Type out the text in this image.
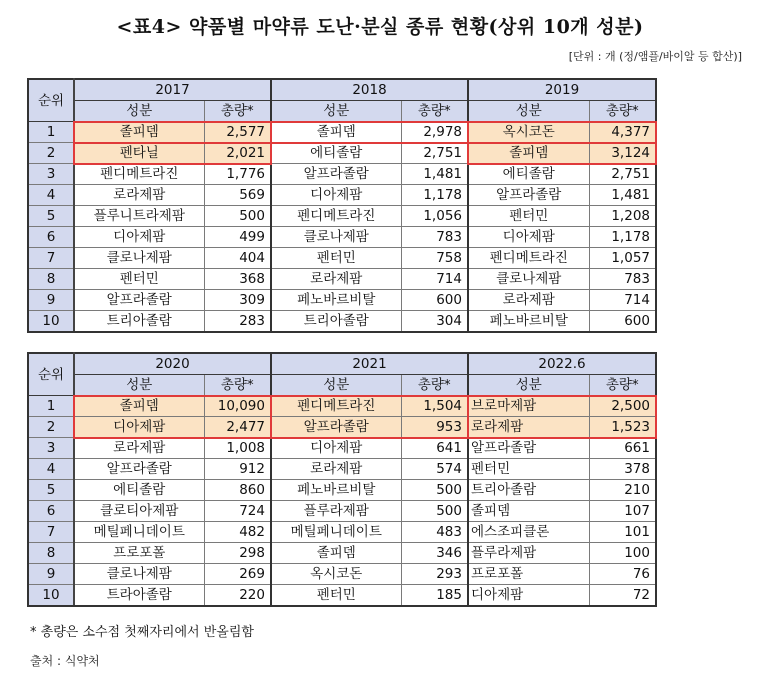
<표4> 약품별 마약류 도난·분실 종류 현황(상위 10개 성분)
[단위 : 개 (정/앰플/바이알 등 합산)]
순위	2017		2018		2019	
	성분	총량*	성분	총량*	성분	총량*
1	졸피뎀	2,577	졸피뎀	2,978	옥시코돈	4,377
2	펜타닐	2,021	에티졸람	2,751	졸피뎀	3,124
3	펜디메트라진	1,776	알프라졸람	1,481	에티졸람	2,751
4	로라제팜	569	디아제팜	1,178	알프라졸람	1,481
5	플루니트라제팜	500	펜디메트라진	1,056	펜터민	1,208
6	디아제팜	499	클로나제팜	783	디아제팜	1,178
7	클로나제팜	404	펜터민	758	펜디메트라진	1,057
8	펜터민	368	로라제팜	714	클로나제팜	783
9	알프라졸람	309	페노바르비탈	600	로라제팜	714
10	트리아졸람	283	트리아졸람	304	페노바르비탈	600
순위	2020		2021		2022.6	
	성분	총량*	성분	총량*	성분	총량*
1	졸피뎀	10,090	펜디메트라진	1,504	브로마제팜	2,500
2	디아제팜	2,477	알프라졸람	953	로라제팜	1,523
3	로라제팜	1,008	디아제팜	641	알프라졸람	661
4	알프라졸람	912	로라제팜	574	펜터민	378
5	에티졸람	860	페노바르비탈	500	트리아졸람	210
6	클로티아제팜	724	플루라제팜	500	졸피뎀	107
7	메틸페니데이트	482	메틸페니데이트	483	에스조피클론	101
8	프로포폴	298	졸피뎀	346	플루라제팜	100
9	클로나제팜	269	옥시코돈	293	프로포폴	76
10	트라아졸람	220	펜터민	185	디아제팜	72
* 총량은 소수점 첫째자리에서 반올림함
출처 : 식약처
